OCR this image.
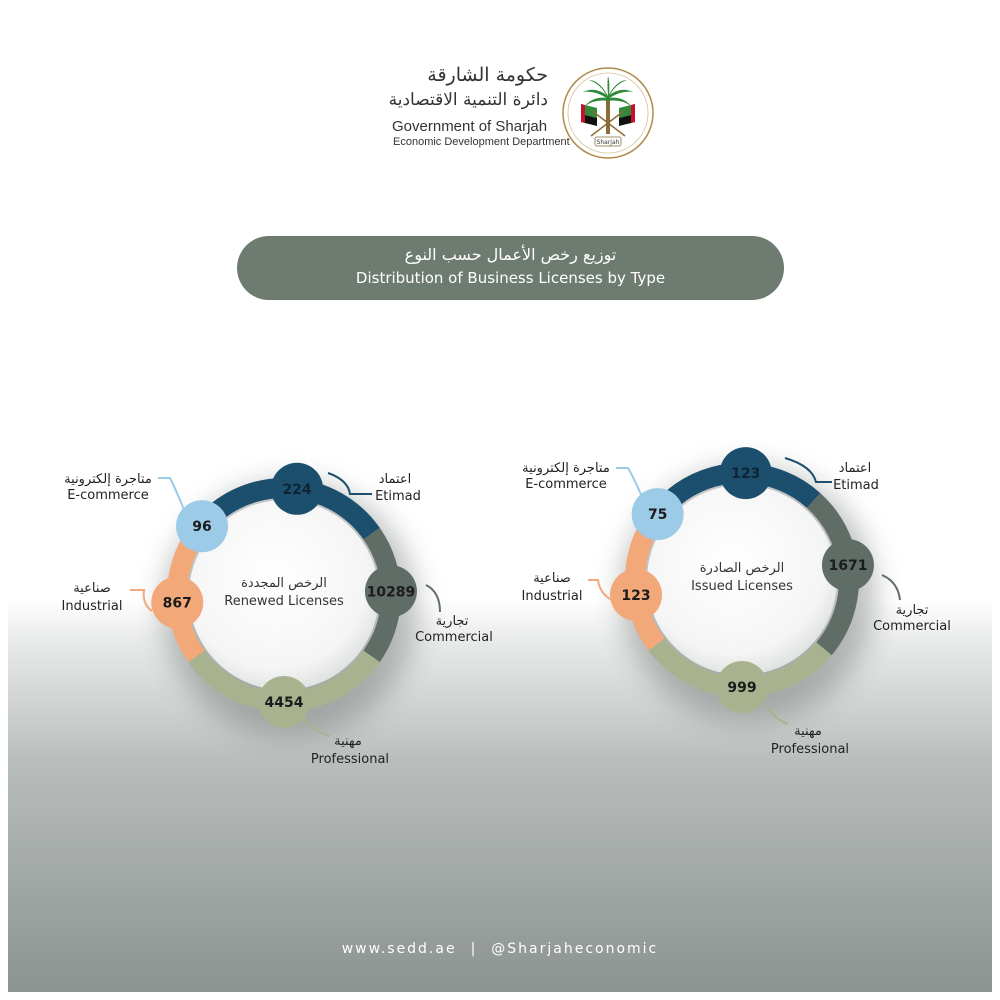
حكومة الشارقة
دائرة التنمية الاقتصادية
Government of Sharjah
Economic Development Department	Sharjah
توزيع رخص الأعمال حسب النوع
Distribution of Business Licenses by Type
الرخص المجددة
Renewed Licenses
224
اعتماد
Etimad
10289
تجارية
Commercial
4454
مهنية
Professional
867
صناعية
Industrial
96
متاجرة إلكترونية
E-commerce
الرخص الصادرة
Issued Licenses
123	اعتماد
Etimad
1671
تجارية
Commercial
999
مهنية
Professional
123
صناعية
Industrial
75
متاجرة إلكترونية
E-commerce
www.sedd.ae | @Sharjaheconomic
